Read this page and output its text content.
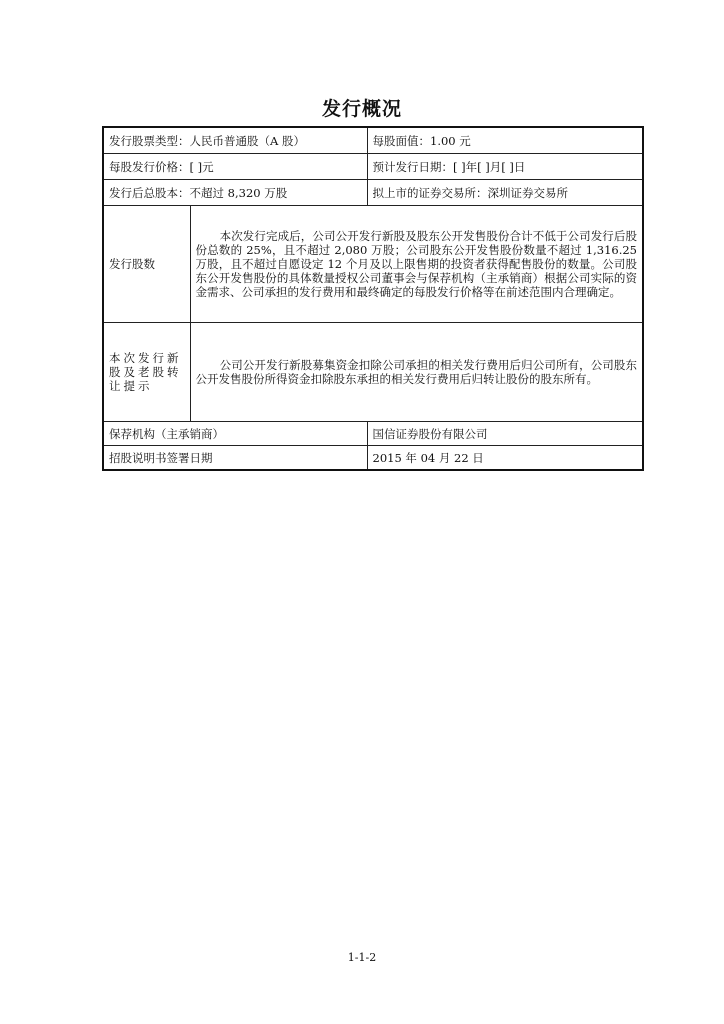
发行概况
发行股票类型：人民币普通股（A 股）		每股面值：1.00 元
每股发行价格：[ ]元		预计发行日期：[ ]年[ ]月[ ]日
发行后总股本：不超过 8,320 万股		拟上市的证券交易所：深圳证券交易所
发行股数	本次发行完成后，公司公开发行新股及股东公开发售股份合计不低于公司发行后股份总数的 25%，且不超过 2,080 万股；公司股东公开发售股份数量不超过 1,316.25 万股，且不超过自愿设定 12 个月及以上限售期的投资者获得配售股份的数量。公司股东公开发售股份的具体数量授权公司董事会与保荐机构（主承销商）根据公司实际的资金需求、公司承担的发行费用和最终确定的每股发行价格等在前述范围内合理确定。	
本次发行新股及老股转让提示	公司公开发行新股募集资金扣除公司承担的相关发行费用后归公司所有，公司股东公开发售股份所得资金扣除股东承担的相关发行费用后归转让股份的股东所有。	
保荐机构（主承销商）		国信证券股份有限公司
招股说明书签署日期		2015 年 04 月 22 日
1-1-2
